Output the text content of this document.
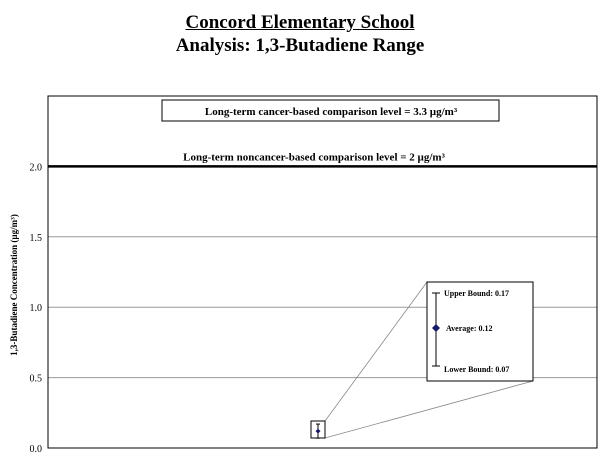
Concord Elementary School
Analysis: 1,3-Butadiene Range
0.0
0.5
1.0
1.5
2.0
1,3-Butadiene Concentration (µg/m³)
Long-term noncancer-based comparison level = 2 µg/m³
Long-term cancer-based comparison level = 3.3 µg/m³
Upper Bound: 0.17
Average: 0.12
Lower Bound: 0.07
